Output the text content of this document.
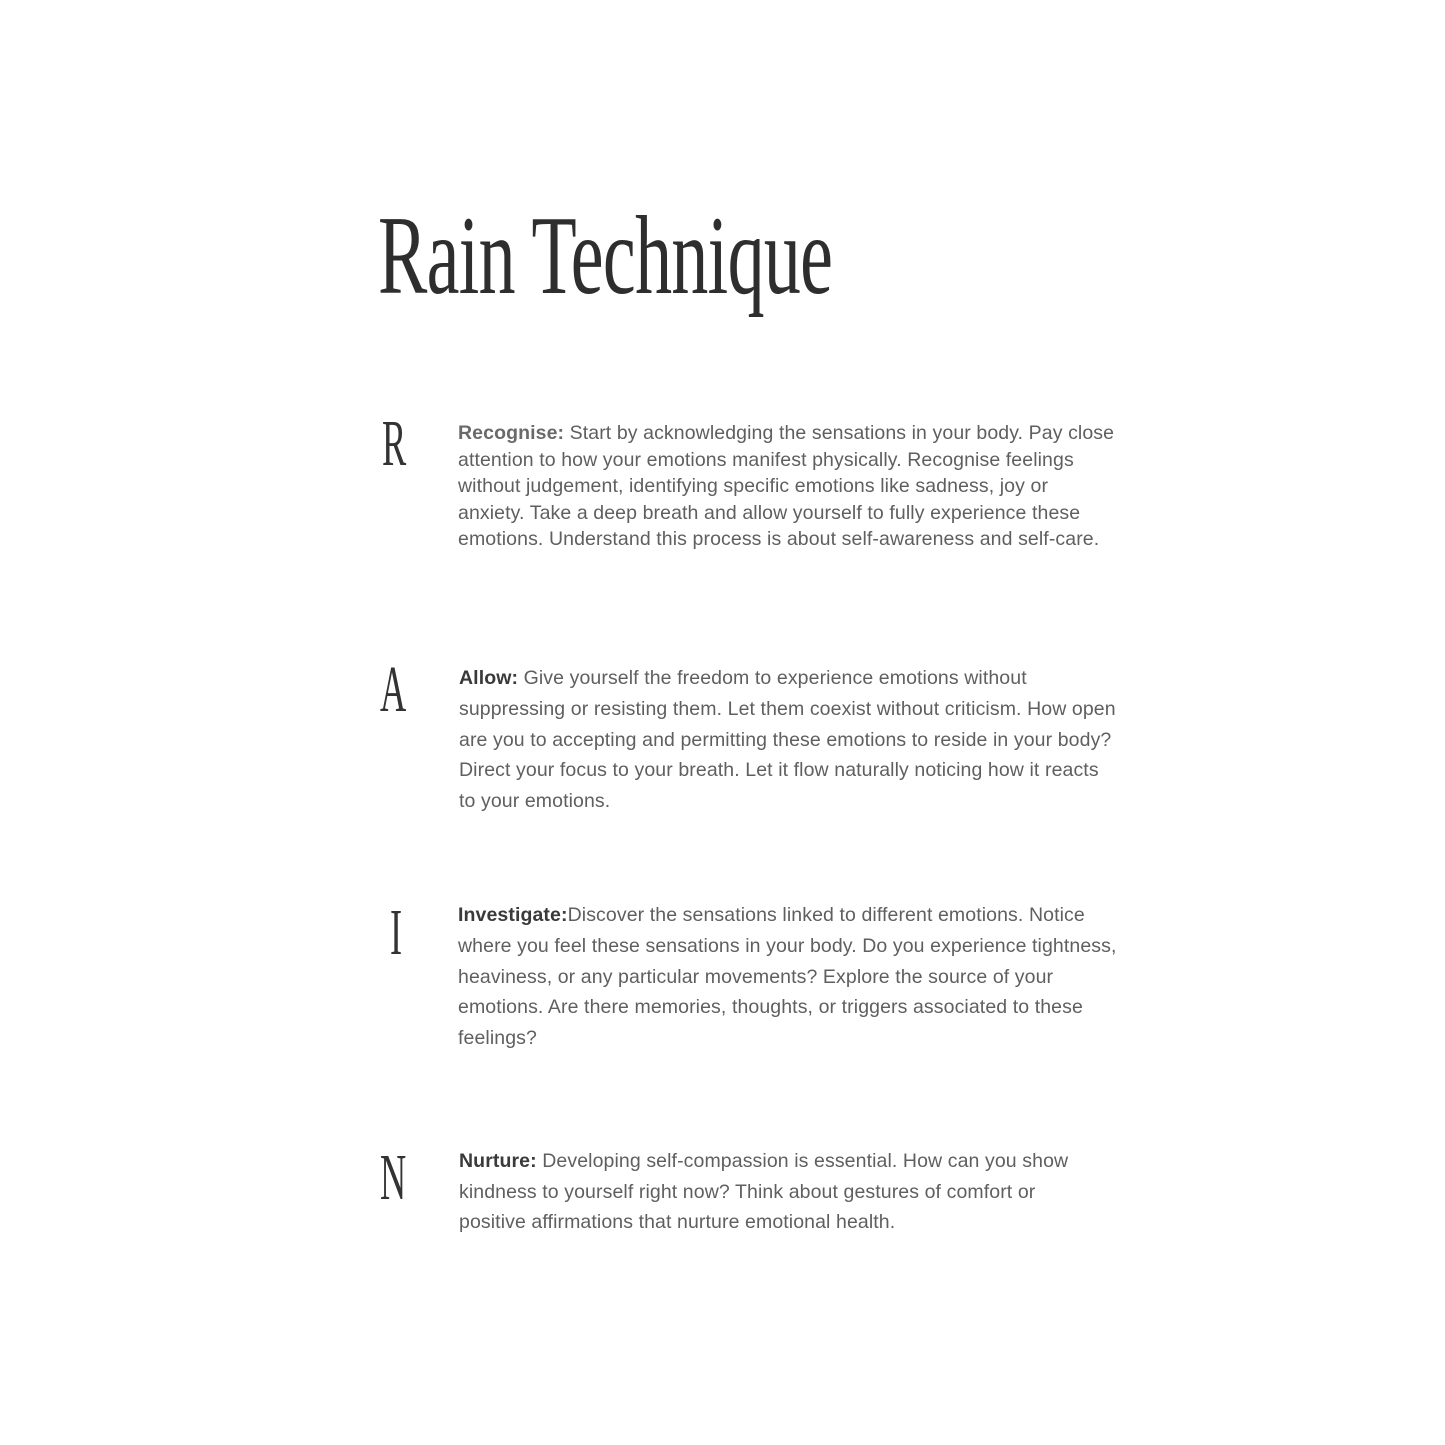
Rain Technique
R	Recognise: Start by acknowledging the sensations in your body. Pay close attention to how your emotions manifest physically. Recognise feelings without judgement, identifying specific emotions like sadness, joy or anxiety. Take a deep breath and allow yourself to fully experience these emotions. Understand this process is about self-awareness and self-care.

A	Allow: Give yourself the freedom to experience emotions without suppressing or resisting them. Let them coexist without criticism. How open are you to accepting and permitting these emotions to reside in your body? Direct your focus to your breath. Let it flow naturally noticing how it reacts to your emotions.

I	Investigate:Discover the sensations linked to different emotions. Notice where you feel these sensations in your body. Do you experience tightness, heaviness, or any particular movements? Explore the source of your emotions. Are there memories, thoughts, or triggers associated to these feelings?

N	Nurture: Developing self-compassion is essential. How can you show kindness to yourself right now? Think about gestures of comfort or positive affirmations that nurture emotional health.
